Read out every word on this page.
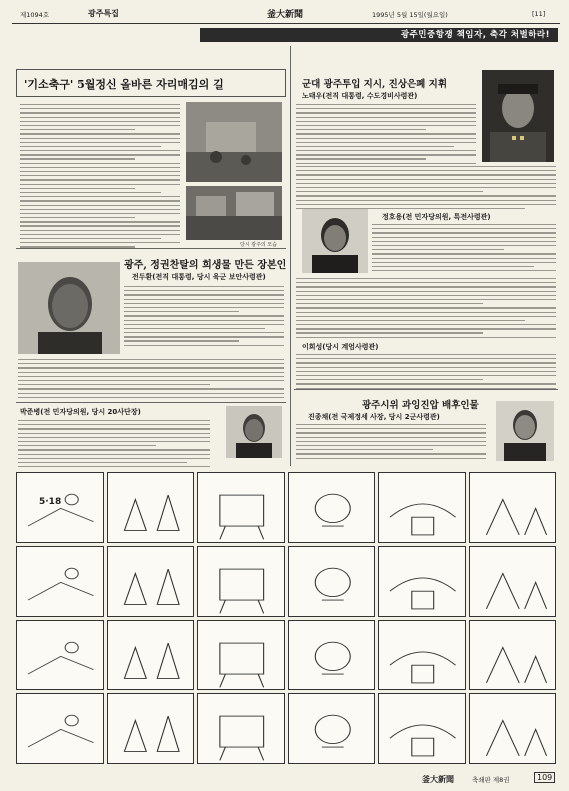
제1094호	광주특집	釜大新聞	1995년 5월 15일(월요일)	[11]
광주민중항쟁 책임자, 축각 처벌하라!
'기소축구' 5월정신 올바른 자리매김의 길
당시 광주의 모습
광주, 정권찬탈의 희생물 만든 장본인
전두환(전직 대통령, 당시 육군 보안사령관)
박준병(전 민자당의원, 당시 20사단장)
군대 광주투입 지시, 진상은폐 지휘
노태우(전직 대통령, 수도경비사령관)
정호용(전 민자당의원, 특전사령관)
이희성(당시 계엄사령관)
광주시위 과잉진압 배후인물
진종채(전 국제정세 사장, 당시 2군사령관)
5·18
釜大新聞	축쇄판 제8권	109
